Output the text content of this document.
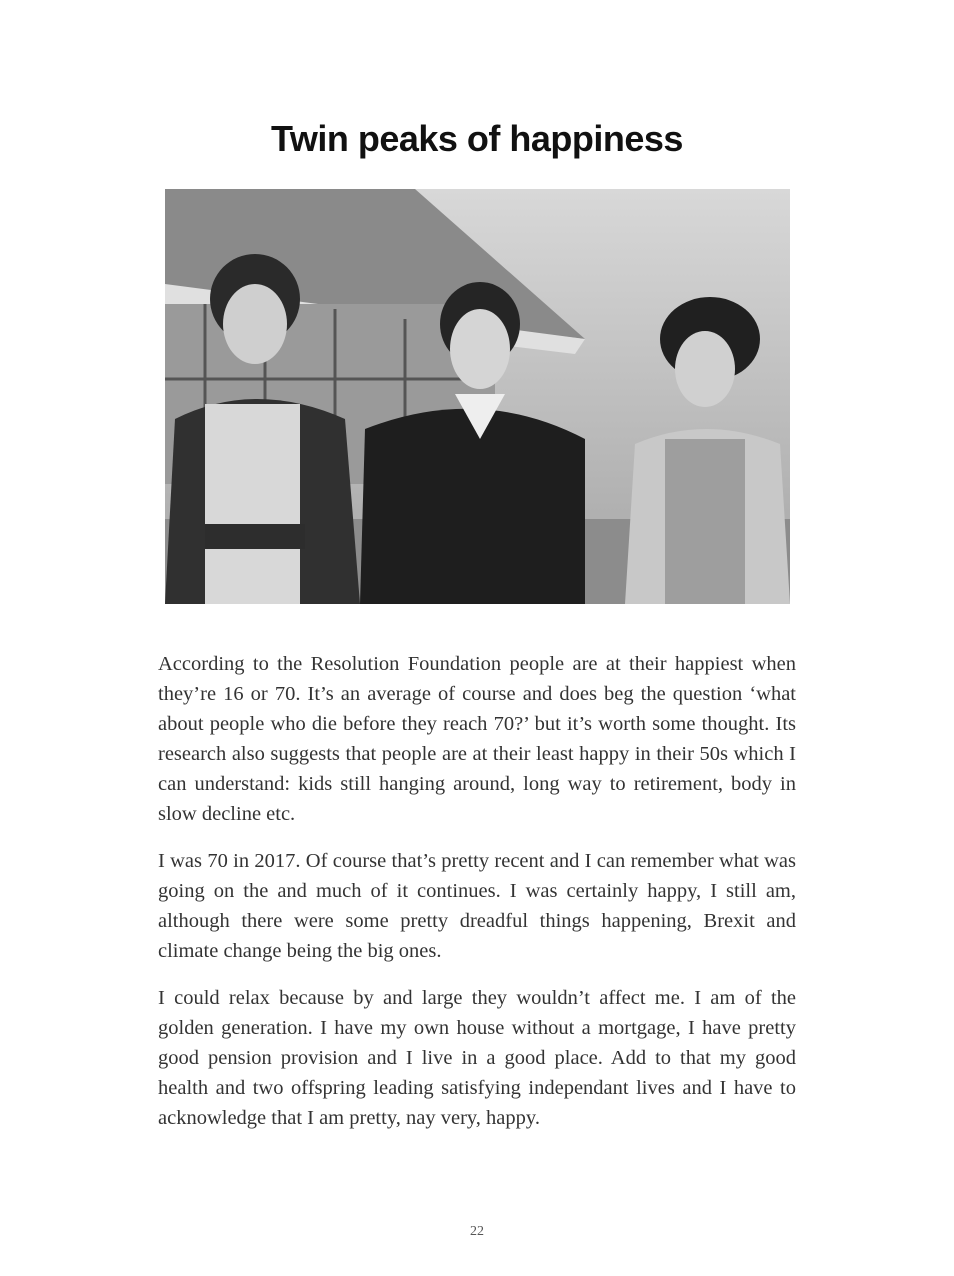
Twin peaks of happiness

According to the Resolution Foundation people are at their happiest when they’re 16 or 70. It’s an average of course and does beg the question ‘what about people who die before they reach 70?’ but it’s worth some thought. Its research also suggests that people are at their least happy in their 50s which I can understand: kids still hanging around, long way to retirement, body in slow decline etc.

I was 70 in 2017. Of course that’s pretty recent and I can remember what was going on the and much of it continues. I was certainly happy, I still am, although there were some pretty dreadful things happening, Brexit and climate change being the big ones.

I could relax because by and large they wouldn’t affect me. I am of the golden generation. I have my own house without a mortgage, I have pretty good pension provision and I live in a good place. Add to that my good health and two offspring leading satisfying independant lives and I have to acknowledge that I am pretty, nay very, happy.

22
